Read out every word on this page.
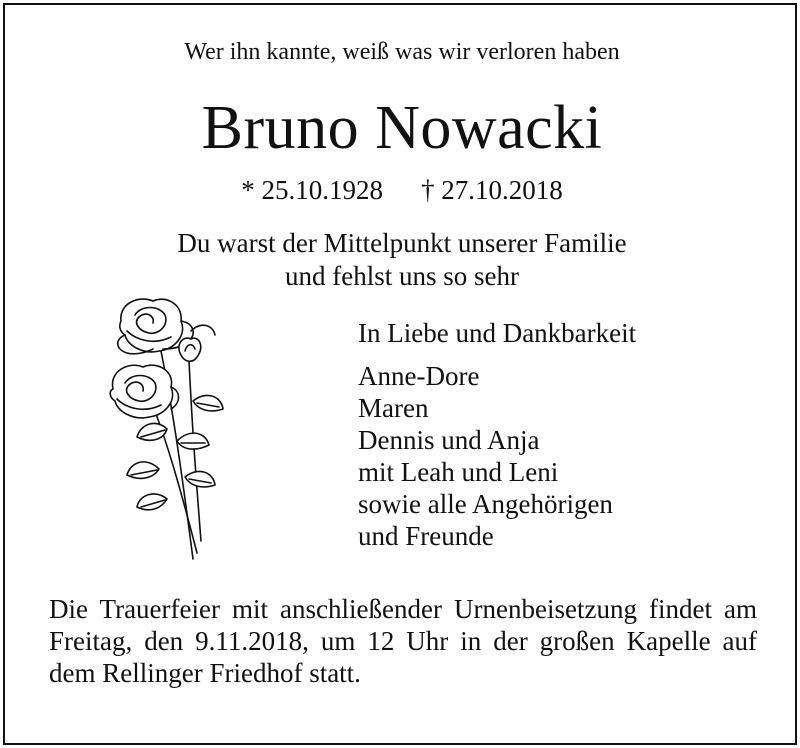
Wer ihn kannte, weiß was wir verloren haben
Bruno Nowacki
* 25.10.1928 † 27.10.2018
Du warst der Mittelpunkt unserer Familie
und fehlst uns so sehr
In Liebe und Dankbarkeit
Anne-Dore
Maren
Dennis und Anja
mit Leah und Leni
sowie alle Angehörigen
und Freunde
Die Trauerfeier mit anschließender Urnenbeisetzung findet am Freitag, den 9.11.2018, um 12 Uhr in der großen Kapelle auf dem Rellinger Friedhof statt.
